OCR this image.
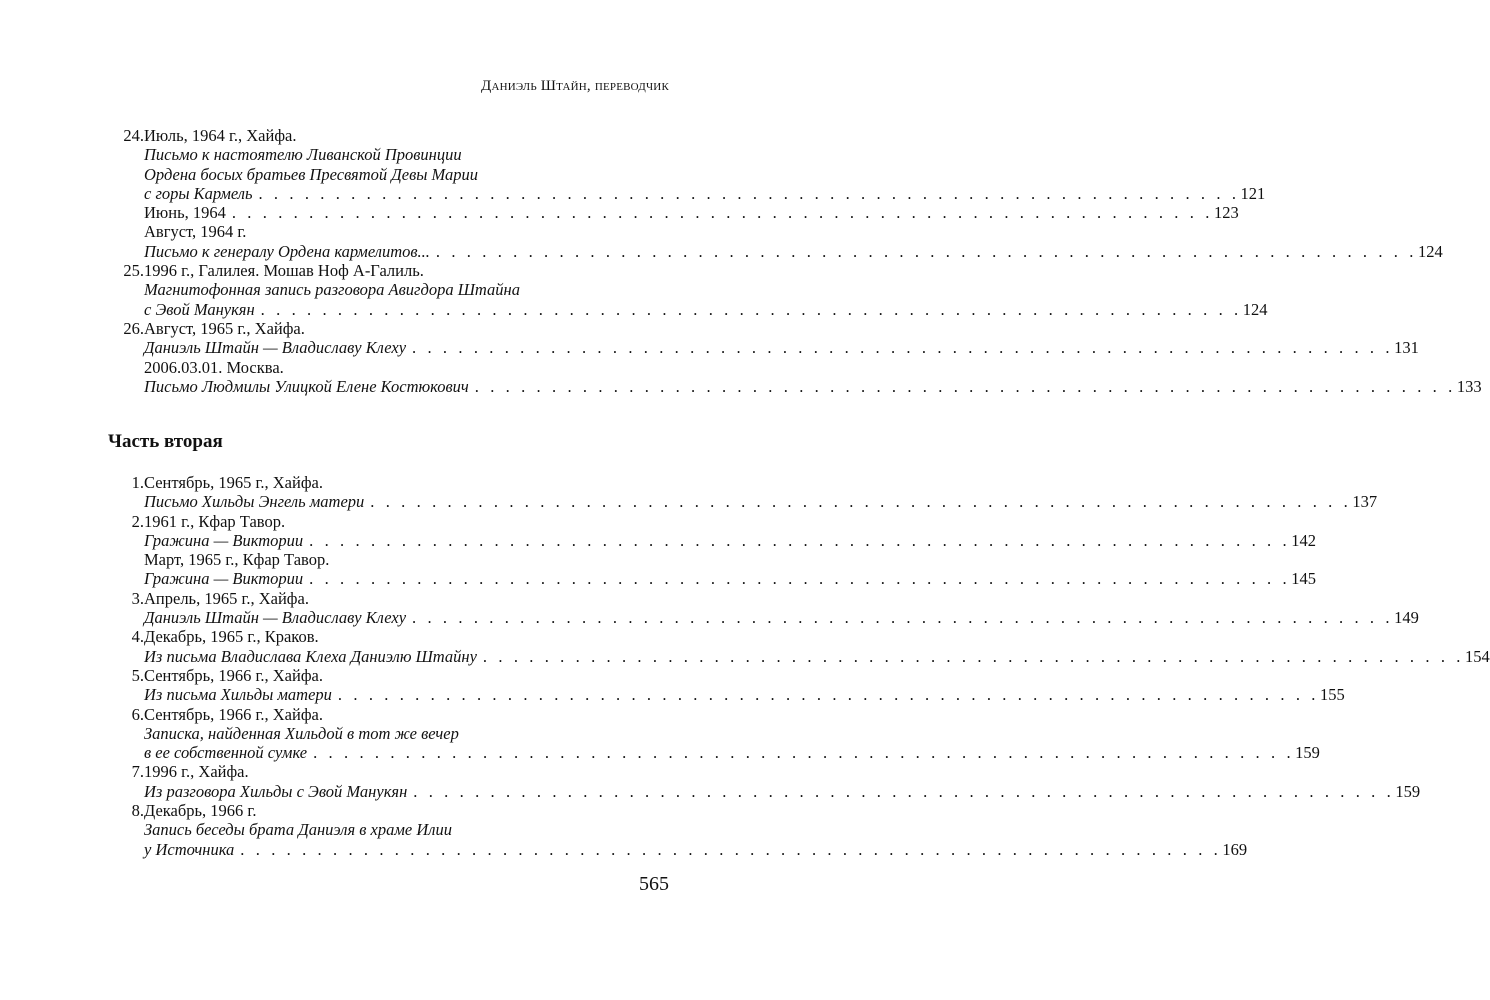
Даниэль Штайн, переводчик
24. Июль, 1964 г., Хайфа.
Письмо к настоятелю Ливанской Провинции
Ордена босых братьев Пресвятой Девы Марии
с горы Кармель . . . . . . . . . . . . . . . . . . . . . . . . . . . . . . . . . . . . . . . . . . . . . . . . . . . . . . . . . . . . . . . . 121
Июнь, 1964 . . . . . . . . . . . . . . . . . . . . . . . . . . . . . . . . . . . . . . . . . . . . . . . . . . . . . . . . . . . . . . . . 123
Август, 1964 г.
Письмо к генералу Ордена кармелитов... . . . . . . . . . . . . . . . . . . . . . . . . . . . . . . . . . . . . . . . . . . . . . . . . . . . . . . . . . . . . . . . . 124
25. 1996 г., Галилея. Мошав Ноф А-Галиль.
Магнитофонная запись разговора Авигдора Штайна
с Эвой Манукян . . . . . . . . . . . . . . . . . . . . . . . . . . . . . . . . . . . . . . . . . . . . . . . . . . . . . . . . . . . . . . . . 124
26. Август, 1965 г., Хайфа.
Даниэль Штайн — Владиславу Клеху . . . . . . . . . . . . . . . . . . . . . . . . . . . . . . . . . . . . . . . . . . . . . . . . . . . . . . . . . . . . . . . . 131
2006.03.01. Москва.
Письмо Людмилы Улицкой Елене Костюкович . . . . . . . . . . . . . . . . . . . . . . . . . . . . . . . . . . . . . . . . . . . . . . . . . . . . . . . . . . . . . . . . 133
Часть вторая
1. Сентябрь, 1965 г., Хайфа.
Письмо Хильды Энгель матери . . . . . . . . . . . . . . . . . . . . . . . . . . . . . . . . . . . . . . . . . . . . . . . . . . . . . . . . . . . . . . . . 137
2. 1961 г., Кфар Тавор.
Гражина — Виктории . . . . . . . . . . . . . . . . . . . . . . . . . . . . . . . . . . . . . . . . . . . . . . . . . . . . . . . . . . . . . . . . 142
Март, 1965 г., Кфар Тавор.
Гражина — Виктории . . . . . . . . . . . . . . . . . . . . . . . . . . . . . . . . . . . . . . . . . . . . . . . . . . . . . . . . . . . . . . . . 145
3. Апрель, 1965 г., Хайфа.
Даниэль Штайн — Владиславу Клеху . . . . . . . . . . . . . . . . . . . . . . . . . . . . . . . . . . . . . . . . . . . . . . . . . . . . . . . . . . . . . . . . 149
4. Декабрь, 1965 г., Краков.
Из письма Владислава Клеха Даниэлю Штайну . . . . . . . . . . . . . . . . . . . . . . . . . . . . . . . . . . . . . . . . . . . . . . . . . . . . . . . . . . . . . . . . 154
5. Сентябрь, 1966 г., Хайфа.
Из письма Хильды матери . . . . . . . . . . . . . . . . . . . . . . . . . . . . . . . . . . . . . . . . . . . . . . . . . . . . . . . . . . . . . . . . 155
6. Сентябрь, 1966 г., Хайфа.
Записка, найденная Хильдой в тот же вечер
в ее собственной сумке . . . . . . . . . . . . . . . . . . . . . . . . . . . . . . . . . . . . . . . . . . . . . . . . . . . . . . . . . . . . . . . . 159
7. 1996 г., Хайфа.
Из разговора Хильды с Эвой Манукян . . . . . . . . . . . . . . . . . . . . . . . . . . . . . . . . . . . . . . . . . . . . . . . . . . . . . . . . . . . . . . . . 159
8. Декабрь, 1966 г.
Запись беседы брата Даниэля в храме Илии
у Источника . . . . . . . . . . . . . . . . . . . . . . . . . . . . . . . . . . . . . . . . . . . . . . . . . . . . . . . . . . . . . . . . 169
565
